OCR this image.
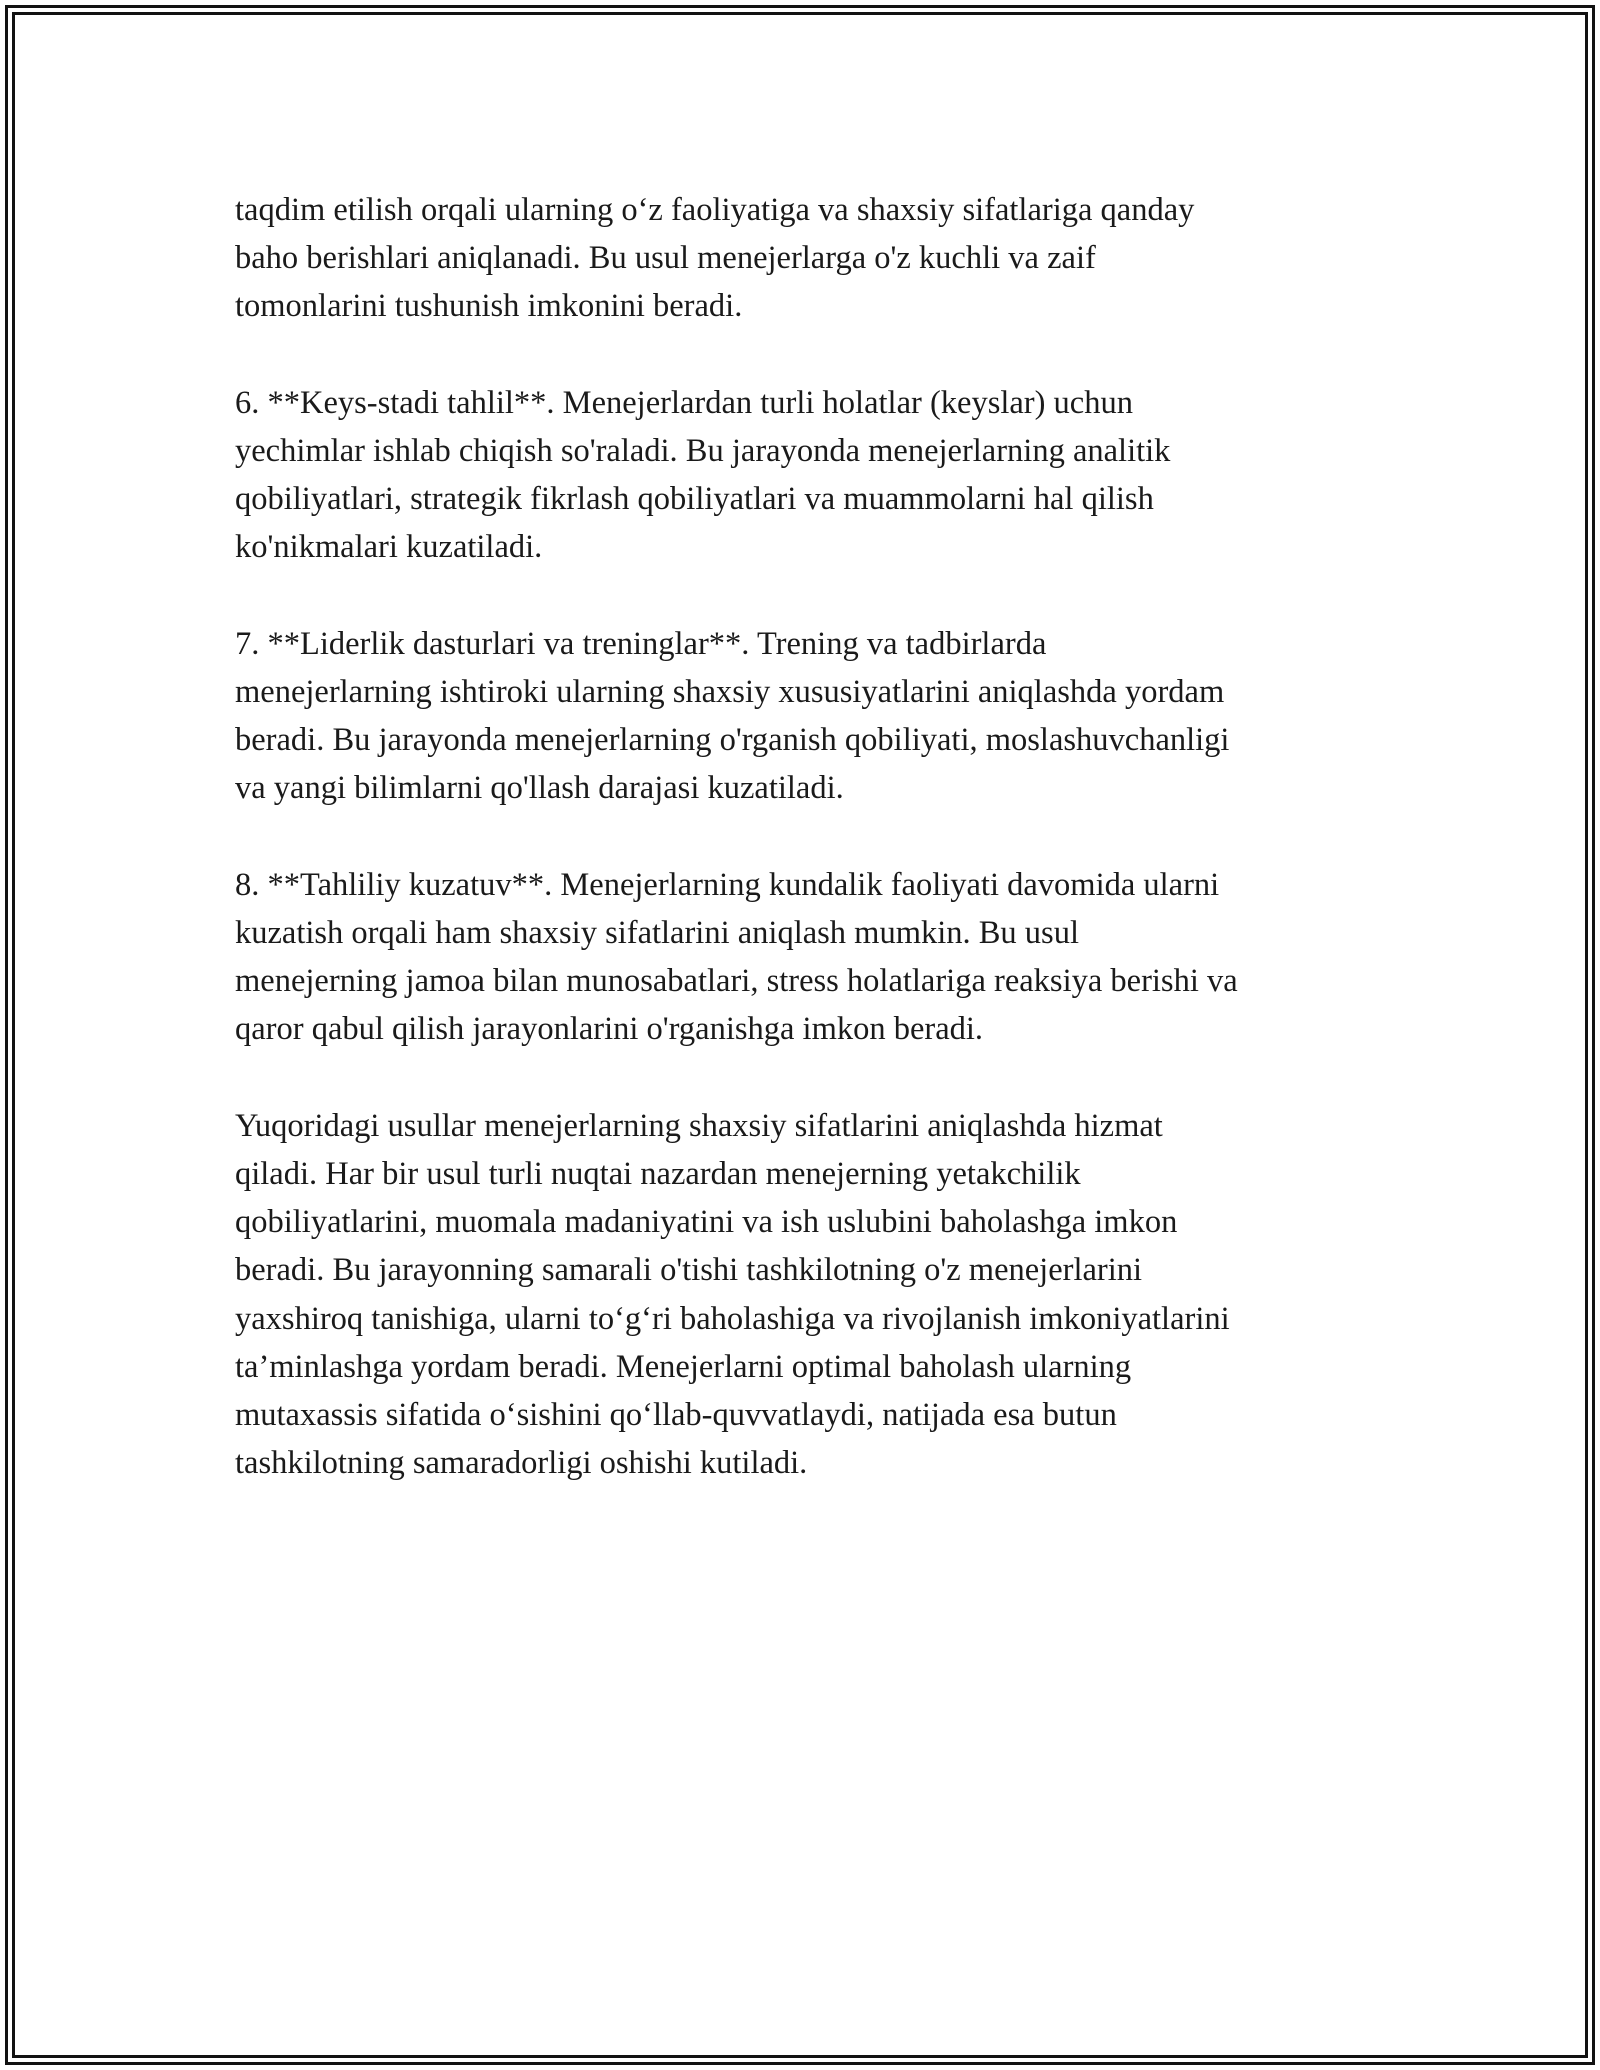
taqdim etilish orqali ularning o‘z faoliyatiga va shaxsiy sifatlariga qanday
baho berishlari aniqlanadi. Bu usul menejerlarga o'z kuchli va zaif
tomonlarini tushunish imkonini beradi.

6. **Keys-stadi tahlil**. Menejerlardan turli holatlar (keyslar) uchun
yechimlar ishlab chiqish so'raladi. Bu jarayonda menejerlarning analitik
qobiliyatlari, strategik fikrlash qobiliyatlari va muammolarni hal qilish
ko'nikmalari kuzatiladi.

7. **Liderlik dasturlari va treninglar**. Trening va tadbirlarda
menejerlarning ishtiroki ularning shaxsiy xususiyatlarini aniqlashda yordam
beradi. Bu jarayonda menejerlarning o'rganish qobiliyati, moslashuvchanligi
va yangi bilimlarni qo'llash darajasi kuzatiladi.

8. **Tahliliy kuzatuv**. Menejerlarning kundalik faoliyati davomida ularni
kuzatish orqali ham shaxsiy sifatlarini aniqlash mumkin. Bu usul
menejerning jamoa bilan munosabatlari, stress holatlariga reaksiya berishi va
qaror qabul qilish jarayonlarini o'rganishga imkon beradi.

Yuqoridagi usullar menejerlarning shaxsiy sifatlarini aniqlashda hizmat
qiladi. Har bir usul turli nuqtai nazardan menejerning yetakchilik
qobiliyatlarini, muomala madaniyatini va ish uslubini baholashga imkon
beradi. Bu jarayonning samarali o'tishi tashkilotning o'z menejerlarini
yaxshiroq tanishiga, ularni to‘g‘ri baholashiga va rivojlanish imkoniyatlarini
ta’minlashga yordam beradi. Menejerlarni optimal baholash ularning
mutaxassis sifatida o‘sishini qo‘llab-quvvatlaydi, natijada esa butun
tashkilotning samaradorligi oshishi kutiladi.
